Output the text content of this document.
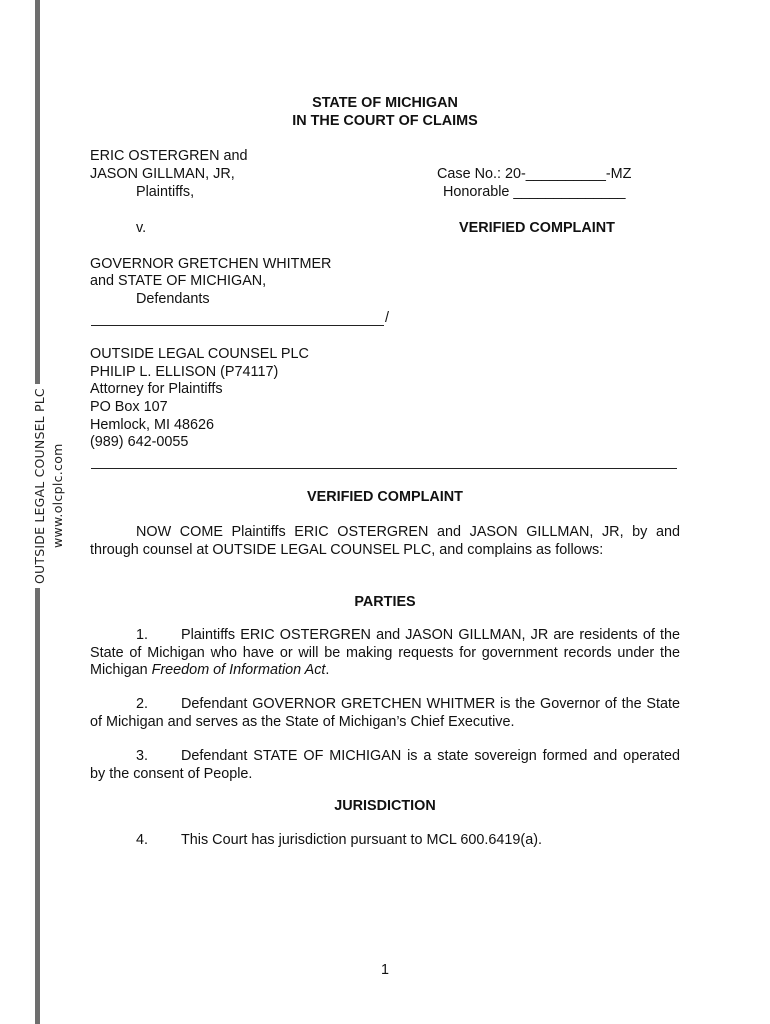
OUTSIDE LEGAL COUNSEL PLC www.olcplc.com
STATE OF MICHIGAN
IN THE COURT OF CLAIMS
ERIC OSTERGREN and
JASON GILLMAN, JR,
Plaintiffs,
Case No.: 20-__________-MZ
Honorable ______________
v.	VERIFIED COMPLAINT
GOVERNOR GRETCHEN WHITMER
and STATE OF MICHIGAN,
Defendants
/
OUTSIDE LEGAL COUNSEL PLC
PHILIP L. ELLISON (P74117)
Attorney for Plaintiffs
PO Box 107
Hemlock, MI 48626
(989) 642-0055
VERIFIED COMPLAINT
NOW COME Plaintiffs ERIC OSTERGREN and JASON GILLMAN, JR, by and through counsel at OUTSIDE LEGAL COUNSEL PLC, and complains as follows:
PARTIES
1. Plaintiffs ERIC OSTERGREN and JASON GILLMAN, JR are residents of the State of Michigan who have or will be making requests for government records under the Michigan Freedom of Information Act.
2. Defendant GOVERNOR GRETCHEN WHITMER is the Governor of the State of Michigan and serves as the State of Michigan’s Chief Executive.
3. Defendant STATE OF MICHIGAN is a state sovereign formed and operated by the consent of People.
JURISDICTION
4. This Court has jurisdiction pursuant to MCL 600.6419(a).
1
